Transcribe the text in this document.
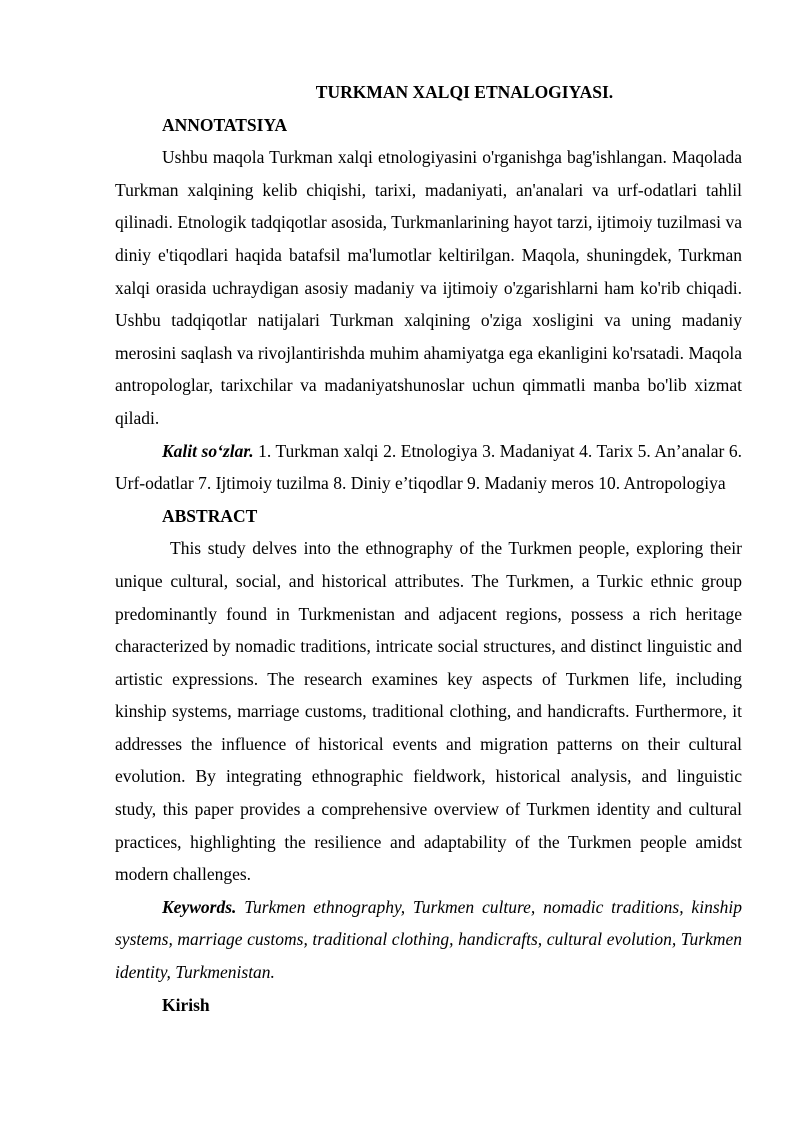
TURKMAN XALQI ETNALOGIYASI.

ANNOTATSIYA

Ushbu maqola Turkman xalqi etnologiyasini o'rganishga bag'ishlangan. Maqolada Turkman xalqining kelib chiqishi, tarixi, madaniyati, an'analari va urf-odatlari tahlil qilinadi. Etnologik tadqiqotlar asosida, Turkmanlarining hayot tarzi, ijtimoiy tuzilmasi va diniy e'tiqodlari haqida batafsil ma'lumotlar keltirilgan. Maqola, shuningdek, Turkman xalqi orasida uchraydigan asosiy madaniy va ijtimoiy o'zgarishlarni ham ko'rib chiqadi. Ushbu tadqiqotlar natijalari Turkman xalqining o'ziga xosligini va uning madaniy merosini saqlash va rivojlantirishda muhim ahamiyatga ega ekanligini ko'rsatadi. Maqola antropologlar, tarixchilar va madaniyatshunoslar uchun qimmatli manba bo'lib xizmat qiladi.

Kalit so‘zlar. 1. Turkman xalqi 2. Etnologiya 3. Madaniyat 4. Tarix 5. An’analar 6. Urf-odatlar 7. Ijtimoiy tuzilma 8. Diniy e’tiqodlar 9. Madaniy meros 10. Antropologiya

ABSTRACT

This study delves into the ethnography of the Turkmen people, exploring their unique cultural, social, and historical attributes. The Turkmen, a Turkic ethnic group predominantly found in Turkmenistan and adjacent regions, possess a rich heritage characterized by nomadic traditions, intricate social structures, and distinct linguistic and artistic expressions. The research examines key aspects of Turkmen life, including kinship systems, marriage customs, traditional clothing, and handicrafts. Furthermore, it addresses the influence of historical events and migration patterns on their cultural evolution. By integrating ethnographic fieldwork, historical analysis, and linguistic study, this paper provides a comprehensive overview of Turkmen identity and cultural practices, highlighting the resilience and adaptability of the Turkmen people amidst modern challenges.

Keywords. Turkmen ethnography, Turkmen culture, nomadic traditions, kinship systems, marriage customs, traditional clothing, handicrafts, cultural evolution, Turkmen identity, Turkmenistan.

Kirish
